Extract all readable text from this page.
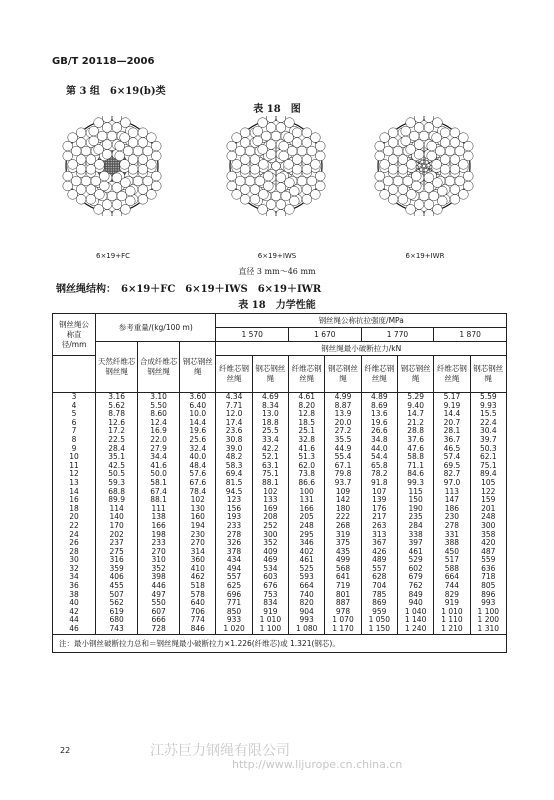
GB/T 20118—2006
第 3 组　6×19(b)类
表 18　图
6×19+FC	6×19+IWS	6×19+IWR
直径 3 mm～46 mm
钢丝绳结构：　6×19＋FC　6×19＋IWS　6×19＋IWR
表 18　力学性能
钢丝绳公称直径/mm	参考重量/(kg/100 m)			钢丝绳公称抗拉强度/MPa							
				1 570		1 670		1 770		1 870	
	天然纤维芯钢丝绳	合成纤维芯钢丝绳	钢芯钢丝绳	钢丝绳最小破断拉力/kN							
				纤维芯钢丝绳	钢芯钢丝绳	纤维芯钢丝绳	钢芯钢丝绳	纤维芯钢丝绳	钢芯钢丝绳	纤维芯钢丝绳	钢芯钢丝绳
3	3.16	3.10	3.60	4.34	4.69	4.61	4.99	4.89	5.29	5.17	5.59
4	5.62	5.50	6.40	7.71	8.34	8.20	8.87	8.69	9.40	9.19	9.93
5	8.78	8.60	10.0	12.0	13.0	12.8	13.9	13.6	14.7	14.4	15.5
6	12.6	12.4	14.4	17.4	18.8	18.5	20.0	19.6	21.2	20.7	22.4
7	17.2	16.9	19.6	23.6	25.5	25.1	27.2	26.6	28.8	28.1	30.4
8	22.5	22.0	25.6	30.8	33.4	32.8	35.5	34.8	37.6	36.7	39.7
9	28.4	27.9	32.4	39.0	42.2	41.6	44.9	44.0	47.6	46.5	50.3
10	35.1	34.4	40.0	48.2	52.1	51.3	55.4	54.4	58.8	57.4	62.1
11	42.5	41.6	48.4	58.3	63.1	62.0	67.1	65.8	71.1	69.5	75.1
12	50.5	50.0	57.6	69.4	75.1	73.8	79.8	78.2	84.6	82.7	89.4
13	59.3	58.1	67.6	81.5	88.1	86.6	93.7	91.8	99.3	97.0	105
14	68.8	67.4	78.4	94.5	102	100	109	107	115	113	122
16	89.9	88.1	102	123	133	131	142	139	150	147	159
18	114	111	130	156	169	166	180	176	190	186	201
20	140	138	160	193	208	205	222	217	235	230	248
22	170	166	194	233	252	248	268	263	284	278	300
24	202	198	230	278	300	295	319	313	338	331	358
26	237	233	270	326	352	346	375	367	397	388	420
28	275	270	314	378	409	402	435	426	461	450	487
30	316	310	360	434	469	461	499	489	529	517	559
32	359	352	410	494	534	525	568	557	602	588	636
34	406	398	462	557	603	593	641	628	679	664	718
36	455	446	518	625	676	664	719	704	762	744	805
38	507	497	578	696	753	740	801	785	849	829	896
40	562	550	640	771	834	820	887	869	940	919	993
42	619	607	706	850	919	904	978	959	1 040	1 010	1 100
44	680	666	774	933	1 010	993	1 070	1 050	1 140	1 110	1 200
46	743	728	846	1 020	1 100	1 080	1 170	1 150	1 240	1 210	1 310
注：最小钢丝破断拉力总和＝钢丝绳最小破断拉力×1.226(纤维芯)或 1.321(钢芯)。											
22	江苏巨力钢绳有限公司
http://www.lijurope.cn.china.cn
